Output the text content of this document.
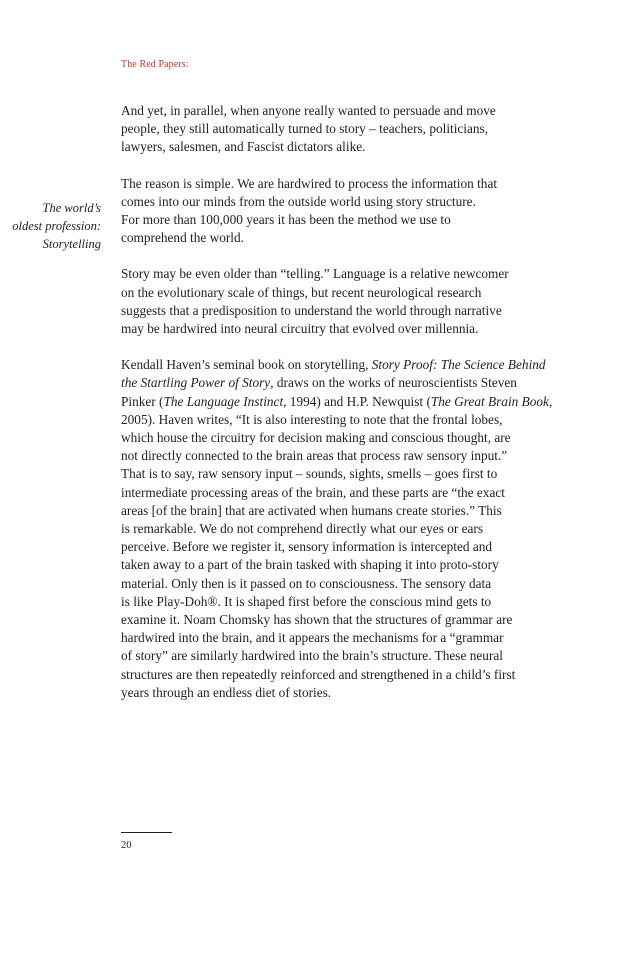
The Red Papers:
The world’s
oldest profession:
Storytelling

And yet, in parallel, when anyone really wanted to persuade and move
people, they still automatically turned to story – teachers, politicians,
lawyers, salesmen, and Fascist dictators alike.

The reason is simple. We are hardwired to process the information that
comes into our minds from the outside world using story structure.
For more than 100,000 years it has been the method we use to
comprehend the world.

Story may be even older than “telling.” Language is a relative newcomer
on the evolutionary scale of things, but recent neurological research
suggests that a predisposition to understand the world through narrative
may be hardwired into neural circuitry that evolved over millennia.

Kendall Haven’s seminal book on storytelling, Story Proof: The Science Behind
the Startling Power of Story, draws on the works of neuroscientists Steven
Pinker (The Language Instinct, 1994) and H.P. Newquist (The Great Brain Book,
2005). Haven writes, “It is also interesting to note that the frontal lobes,
which house the circuitry for decision making and conscious thought, are
not directly connected to the brain areas that process raw sensory input.”
That is to say, raw sensory input – sounds, sights, smells – goes first to
intermediate processing areas of the brain, and these parts are “the exact
areas [of the brain] that are activated when humans create stories.” This
is remarkable. We do not comprehend directly what our eyes or ears
perceive. Before we register it, sensory information is intercepted and
taken away to a part of the brain tasked with shaping it into proto-story
material. Only then is it passed on to consciousness. The sensory data
is like Play-Doh®. It is shaped first before the conscious mind gets to
examine it. Noam Chomsky has shown that the structures of grammar are
hardwired into the brain, and it appears the mechanisms for a “grammar
of story” are similarly hardwired into the brain’s structure. These neural
structures are then repeatedly reinforced and strengthened in a child’s first
years through an endless diet of stories.

20
